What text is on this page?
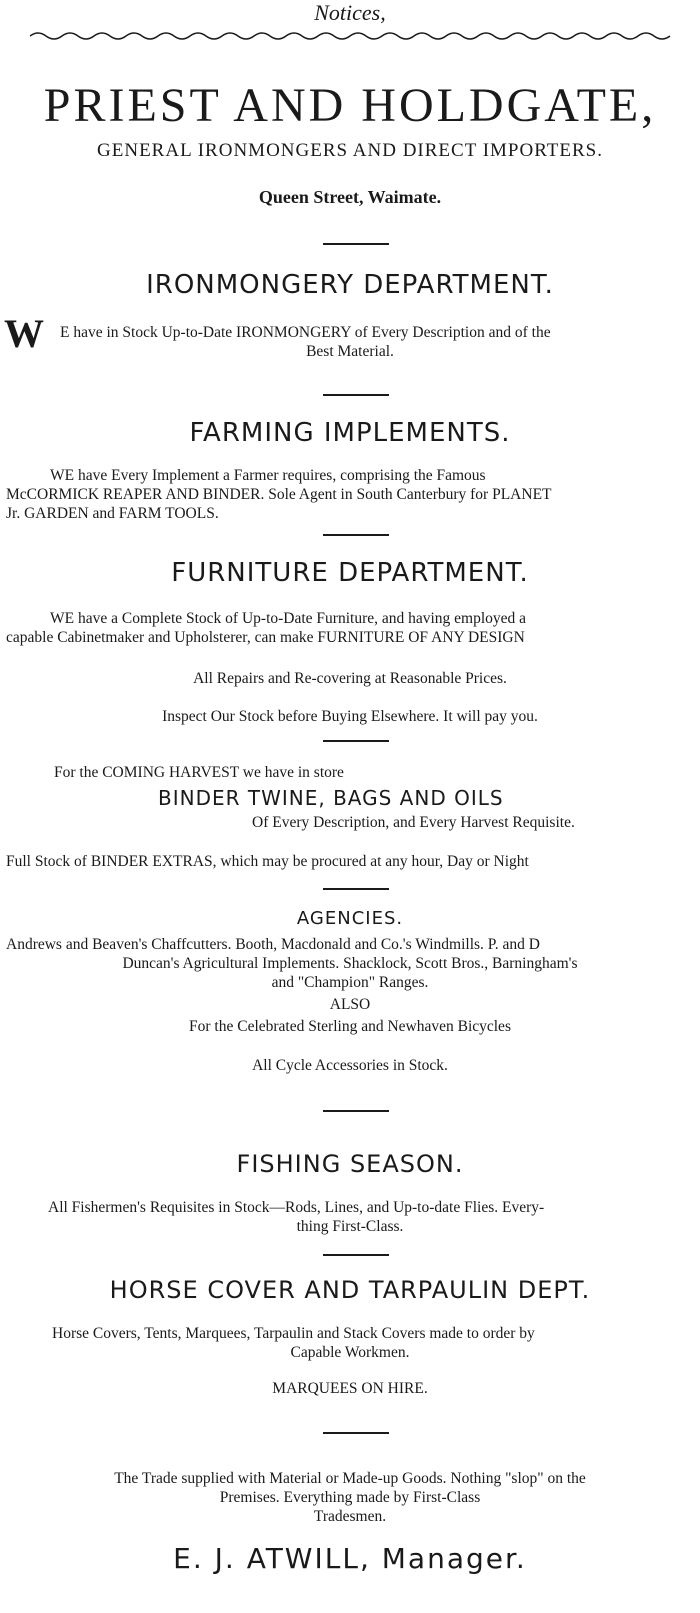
Notices,
PRIEST AND HOLDGATE,
GENERAL IRONMONGERS AND DIRECT IMPORTERS.
Queen Street, Waimate.
IRONMONGERY DEPARTMENT.
W E have in Stock Up-to-Date IRONMONGERY of Every Description and of the
Best Material.
FARMING IMPLEMENTS.
WE have Every Implement a Farmer requires, comprising the Famous
McCORMICK REAPER AND BINDER. Sole Agent in South Canterbury for PLANET
Jr. GARDEN and FARM TOOLS.
FURNITURE DEPARTMENT.
WE have a Complete Stock of Up-to-Date Furniture, and having employed a
capable Cabinetmaker and Upholsterer, can make FURNITURE OF ANY DESIGN
All Repairs and Re-covering at Reasonable Prices.
Inspect Our Stock before Buying Elsewhere. It will pay you.
For the COMING HARVEST we have in store
BINDER TWINE, BAGS AND OILS
Of Every Description, and Every Harvest Requisite.
Full Stock of BINDER EXTRAS, which may be procured at any hour, Day or Night
AGENCIES.
Andrews and Beaven's Chaffcutters. Booth, Macdonald and Co.'s Windmills. P. and D
Duncan's Agricultural Implements. Shacklock, Scott Bros., Barningham's
and "Champion" Ranges.
ALSO
For the Celebrated Sterling and Newhaven Bicycles
All Cycle Accessories in Stock.
FISHING SEASON.
All Fishermen's Requisites in Stock—Rods, Lines, and Up-to-date Flies. Every-
thing First-Class.
HORSE COVER AND TARPAULIN DEPT.
Horse Covers, Tents, Marquees, Tarpaulin and Stack Covers made to order by
Capable Workmen.
MARQUEES ON HIRE.
The Trade supplied with Material or Made-up Goods. Nothing "slop" on the
Premises. Everything made by First-Class
Tradesmen.
E. J. ATWILL, Manager.
